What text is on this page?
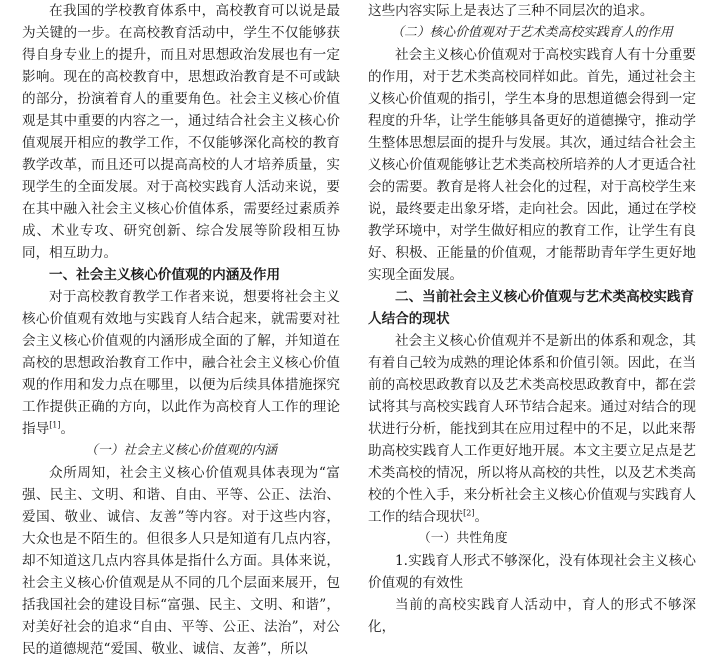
在我国的学校教育体系中，高校教育可以说是最为关键的一步。在高校教育活动中，学生不仅能够获得自身专业上的提升，而且对思想政治发展也有一定影响。现在的高校教育中，思想政治教育是不可或缺的部分，扮演着育人的重要角色。社会主义核心价值观是其中重要的内容之一，通过结合社会主义核心价值观展开相应的教学工作，不仅能够深化高校的教育教学改革，而且还可以提高高校的人才培养质量，实现学生的全面发展。对于高校实践育人活动来说，要在其中融入社会主义核心价值体系，需要经过素质养成、术业专攻、研究创新、综合发展等阶段相互协同，相互助力。

一、社会主义核心价值观的内涵及作用

对于高校教育教学工作者来说，想要将社会主义核心价值观有效地与实践育人结合起来，就需要对社会主义核心价值观的内涵形成全面的了解，并知道在高校的思想政治教育工作中，融合社会主义核心价值观的作用和发力点在哪里，以便为后续具体措施探究工作提供正确的方向，以此作为高校育人工作的理论指导[1]。

（一）社会主义核心价值观的内涵

众所周知，社会主义核心价值观具体表现为“富强、民主、文明、和谐、自由、平等、公正、法治、爱国、敬业、诚信、友善”等内容。对于这些内容，大众也是不陌生的。但很多人只是知道有几点内容，却不知道这几点内容具体是指什么方面。具体来说，社会主义核心价值观是从不同的几个层面来展开，包括我国社会的建设目标“富强、民主、文明、和谐”，对美好社会的追求“自由、平等、公正、法治”，对公民的道德规范“爱国、敬业、诚信、友善”，所以

这些内容实际上是表达了三种不同层次的追求。

（二）核心价值观对于艺术类高校实践育人的作用

社会主义核心价值观对于高校实践育人有十分重要的作用，对于艺术类高校同样如此。首先，通过社会主义核心价值观的指引，学生本身的思想道德会得到一定程度的升华，让学生能够具备更好的道德操守，推动学生整体思想层面的提升与发展。其次，通过结合社会主义核心价值观能够让艺术类高校所培养的人才更适合社会的需要。教育是将人社会化的过程，对于高校学生来说，最终要走出象牙塔，走向社会。因此，通过在学校教学环境中，对学生做好相应的教育工作，让学生有良好、积极、正能量的价值观，才能帮助青年学生更好地实现全面发展。

二、当前社会主义核心价值观与艺术类高校实践育人结合的现状

社会主义核心价值观并不是新出的体系和观念，其有着自己较为成熟的理论体系和价值引领。因此，在当前的高校思政教育以及艺术类高校思政教育中，都在尝试将其与高校实践育人环节结合起来。通过对结合的现状进行分析，能找到其在应用过程中的不足，以此来帮助高校实践育人工作更好地开展。本文主要立足点是艺术类高校的情况，所以将从高校的共性，以及艺术类高校的个性入手，来分析社会主义核心价值观与实践育人工作的结合现状[2]。

（一）共性角度

1.实践育人形式不够深化，没有体现社会主义核心价值观的有效性

当前的高校实践育人活动中，育人的形式不够深化，
